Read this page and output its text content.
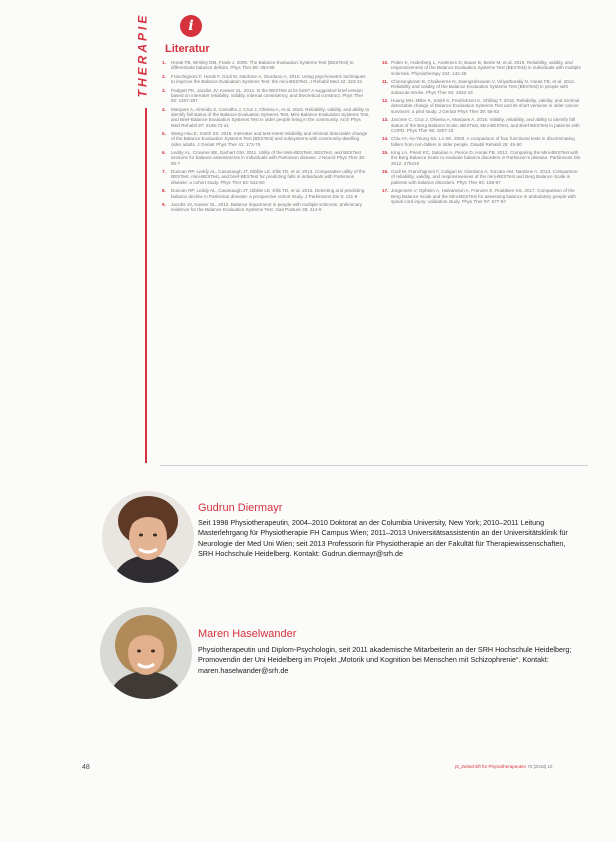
THERAPIE	i
Literatur
1.	Horak FB, Wrisley DM, Frank J. 2009. The Balance Evaluation Systems Test (BESTest) to differentiate balance deficits. Phys Ther 89: 484-98
2.	Franchignoni F, Horak F, Godi M, Nardone A, Giordano A. 2010. Using psychometric techniques to improve the Balance Evaluation Systems Test: the mini-BESTest. J Rehabil Med 42: 323-31
3.	Padgett PK, Jacobs JV, Kasser SL. 2012. Is the BESTest at its best? A suggested brief version based on interrater reliability, validity, internal consistency, and theoretical construct. Phys Ther 92: 1197-207
4.	Marques A, Almeida S, Carvalho J, Cruz J, Oliveira A, et al. 2016. Reliability, validity, and ability to identify fall status of the Balance Evaluation Systems Test, Mini-Balance Evaluation Systems Test, and Brief-Balance Evaluation Systems Test in older people living in the community. Arch Phys Med Rehabil 97: 2166-73 e1
5.	Wang-Hsu E, Smith SS. 2018. Interrater and test-retest reliability and minimal detectable change of the Balance Evaluation Systems Test (BESTest) and subsystems with community-dwelling older adults. J Geriatr Phys Ther 41: 173-79
6.	Leddy AL, Crowner BE, Earhart GM. 2011. Utility of the Mini-BESTest, BESTest, and BESTest sections for balance assessments in individuals with Parkinson disease. J Neurol Phys Ther 35: 90-7
7.	Duncan RP, Leddy AL, Cavanaugh JT, Dibble LE, Ellis TD, et al. 2013. Comparative utility of the BESTest, mini-BESTest, and brief-BESTest for predicting falls in individuals with Parkinson disease: a cohort study. Phys Ther 93: 542-50
8.	Duncan RP, Leddy AL, Cavanaugh JT, Dibble LE, Ellis TD, et al. 2015. Detecting and predicting balance decline in Parkinson disease: a prospective cohort study. J Parkinsons Dis 5: 131-9
9.	Jacobs JV, Kasser SL. 2012. Balance impairment in people with multiple sclerosis: preliminary evidence for the Balance Evaluation Systems Test. Gait Posture 36: 414-8
10. Potter K, Anderberg L, Anderson D, Bauer B, Beste M, et al. 2018. Reliability, validity, and responsiveness of the Balance Evaluation Systems Test (BESTest) in individuals with multiple sclerosis. Physiotherapy 104: 142-48
11. Chinsongkram B, Chaikeeree N, Saengsirisuwan V, Viriyatharakij N, Horak FB, et al. 2014. Reliability and validity of the Balance Evaluation Systems Test (BESTest) in people with subacute stroke. Phys Ther 94: 1632-43
12. Huang MH, Miller K, Smith K, Fredrickson K, Shilling T. 2016. Reliability, validity, and minimal detectable change of Balance Evaluation Systems Test and its short versions in older cancer survivors: a pilot study. J Geriatr Phys Ther 39: 58-63
13. Jacome C, Cruz J, Oliveira A, Marques A. 2016. Validity, reliability, and ability to identify fall status of the Berg Balance Scale, BESTest, Mini-BESTest, and Brief-BESTest in patients with COPD. Phys Ther 96: 1807-15
14. Chiu AY, Au-Yeung SS, Lo SK. 2003. A comparison of four functional tests in discriminating fallers from non-fallers in older people. Disabil Rehabil 25: 45-50
15. King LA, Priest KC, Salarian A, Pierce D, Horak FB. 2012. Comparing the Mini-BESTest with the Berg Balance Scale to evaluate balance disorders in Parkinson's disease. Parkinsons Dis 2012: 375419
16. Godi M, Franchignoni F, Caligari M, Giordano A, Turcato AM, Nardone A. 2013. Comparison of reliability, validity, and responsiveness of the mini-BESTest and Berg Balance Scale in patients with balance disorders. Phys Ther 93: 158-67
17. Jorgensen V, Opheim A, Halvarsson A, Franzen E, Roaldsen KS. 2017. Comparison of the Berg Balance Scale and the Mini-BESTest for assessing balance in ambulatory people with spinal cord injury: validation study. Phys Ther 97: 677-87
Gudrun Diermayr
Seit 1998 Physiotherapeutin, 2004–2010 Doktorat an der Columbia University, New York; 2010–2011 Leitung Masterlehrgang für Physiotherapie FH Campus Wien; 2011–2013 Universitätsassistentin an der Universitätsklinik für Neurologie der Med Uni Wien; seit 2013 Professorin für Physiotherapie an der Fakultät für Therapiewissenschaften, SRH Hochschule Heidelberg. Kontakt: Gudrun.diermayr@srh.de
Maren Haselwander
Physiotherapeutin und Diplom-Psychologin, seit 2011 akademische Mitarbeiterin an der SRH Hochschule Heidelberg; Promovendin der Uni Heidelberg im Projekt „Motorik und Kognition bei Menschen mit Schizophrenie“. Kontakt: maren.haselwander@srh.de
48	pt_Zeitschrift für Physiotherapeuten 70 [2018] 10
